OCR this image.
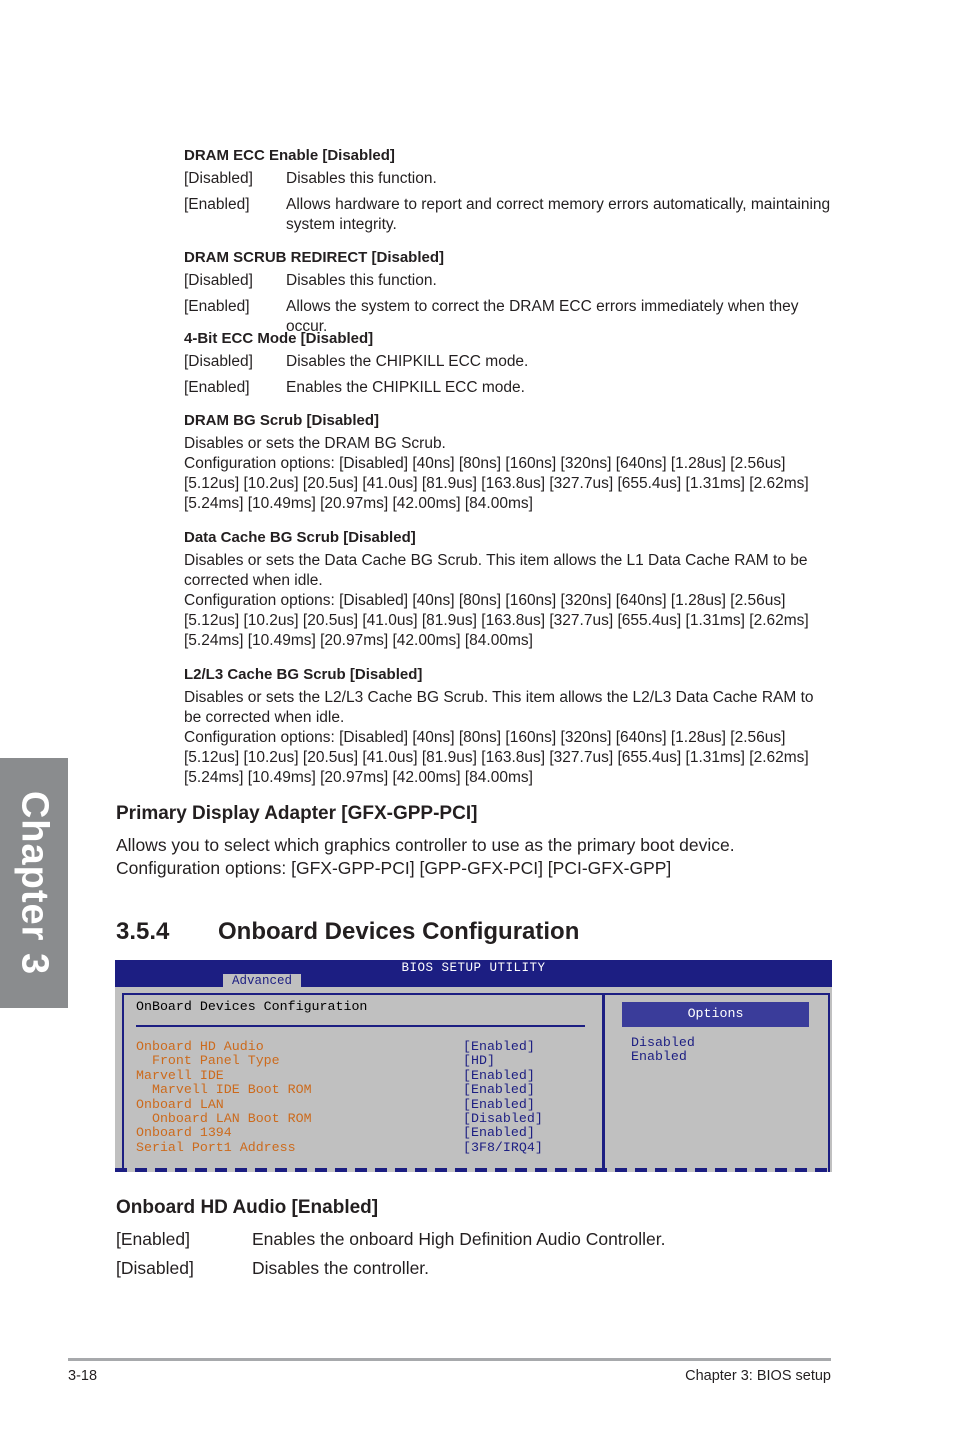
Chapter 3
DRAM ECC Enable [Disabled]
[Disabled]	Disables this function.
[Enabled]	Allows hardware to report and correct memory errors automatically, maintaining system integrity.
DRAM SCRUB REDIRECT [Disabled]
[Disabled]	Disables this function.
[Enabled]	Allows the system to correct the DRAM ECC errors immediately when they occur.
4-Bit ECC Mode [Disabled]
[Disabled]	Disables the CHIPKILL ECC mode.
[Enabled]	Enables the CHIPKILL ECC mode.
DRAM BG Scrub [Disabled]

Disables or sets the DRAM BG Scrub.

Configuration options: [Disabled] [40ns] [80ns] [160ns] [320ns] [640ns] [1.28us] [2.56us] [5.12us] [10.2us] [20.5us] [41.0us] [81.9us] [163.8us] [327.7us] [655.4us] [1.31ms] [2.62ms] [5.24ms] [10.49ms] [20.97ms] [42.00ms] [84.00ms]

Data Cache BG Scrub [Disabled]

Disables or sets the Data Cache BG Scrub. This item allows the L1 Data Cache RAM to be corrected when idle.

Configuration options: [Disabled] [40ns] [80ns] [160ns] [320ns] [640ns] [1.28us] [2.56us] [5.12us] [10.2us] [20.5us] [41.0us] [81.9us] [163.8us] [327.7us] [655.4us] [1.31ms] [2.62ms] [5.24ms] [10.49ms] [20.97ms] [42.00ms] [84.00ms]

L2/L3 Cache BG Scrub [Disabled]

Disables or sets the L2/L3 Cache BG Scrub. This item allows the L2/L3 Data Cache RAM to be corrected when idle.

Configuration options: [Disabled] [40ns] [80ns] [160ns] [320ns] [640ns] [1.28us] [2.56us] [5.12us] [10.2us] [20.5us] [41.0us] [81.9us] [163.8us] [327.7us] [655.4us] [1.31ms] [2.62ms] [5.24ms] [10.49ms] [20.97ms] [42.00ms] [84.00ms]

Primary Display Adapter [GFX-GPP-PCI]
Allows you to select which graphics controller to use as the primary boot device.
Configuration options: [GFX-GPP-PCI] [GPP-GFX-PCI] [PCI-GFX-GPP]
3.5.4 Onboard Devices Configuration
BIOS SETUP UTILITY
Advanced
OnBoard Devices Configuration
Onboard HD Audio	[Enabled]
Front Panel Type	[HD]
Marvell IDE	[Enabled]
Marvell IDE Boot ROM	[Enabled]
Onboard LAN	[Enabled]
Onboard LAN Boot ROM	[Disabled]
Onboard 1394	[Enabled]
Serial Port1 Address	[3F8/IRQ4]
Options
Disabled
Enabled
Onboard HD Audio [Enabled]
[Enabled]	Enables the onboard High Definition Audio Controller.
[Disabled]	Disables the controller.
3-18	Chapter 3: BIOS setup
